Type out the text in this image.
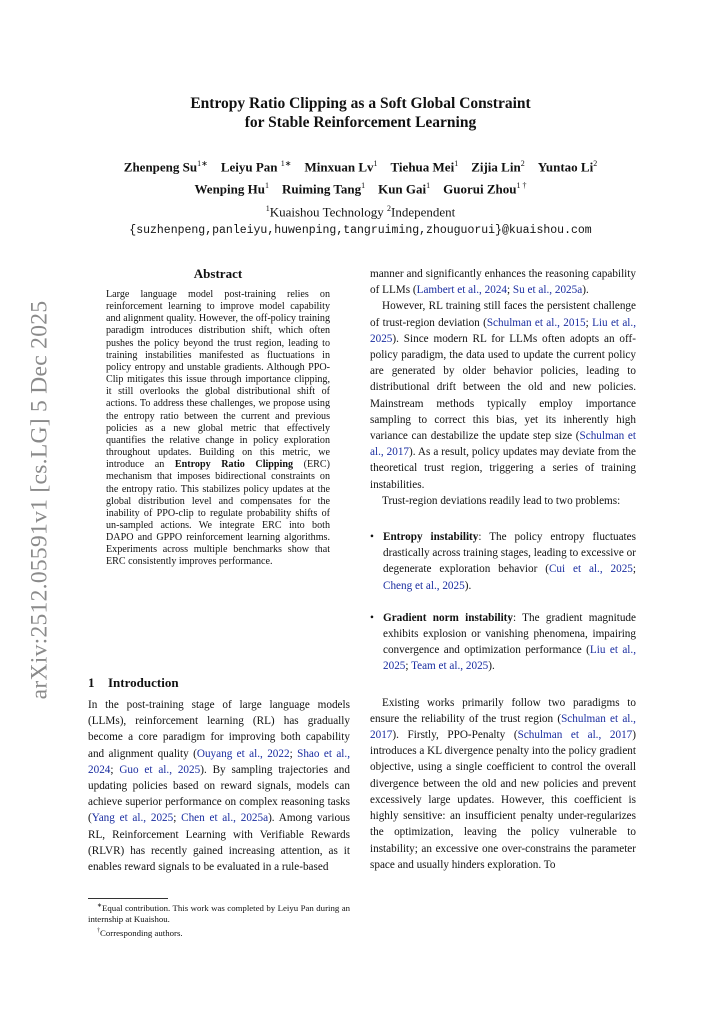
arXiv:2512.05591v1 [cs.LG] 5 Dec 2025
Entropy Ratio Clipping as a Soft Global Constraint
for Stable Reinforcement Learning
Zhenpeng $Su^{1∗}$ Leiyu Pan $^{1∗}$ Minxuan Lv$^1$ Tiehua Mei$^1$ Zijia Lin$^2$ Yuntao Li$^2$
Wenping Hu$^1$ Ruiming Tang$^1$ Kun Gai$^1$ Guorui Zhou$^{1 \dagger}$
$^1$Kuaishou Technology $^2$Independent
{suzhenpeng,panleiyu,huwenping,tangruiming,zhouguorui}@kuaishou.com
Abstract
Large language model post-training relies on reinforcement learning to improve model capability and alignment quality. However, the off-policy training paradigm introduces distribution shift, which often pushes the policy beyond the trust region, leading to training instabilities manifested as fluctuations in policy entropy and unstable gradients. Although PPO-Clip mitigates this issue through importance clipping, it still overlooks the global distributional shift of actions. To address these challenges, we propose using the entropy ratio between the current and previous policies as a new global metric that effectively quantifies the relative change in policy exploration throughout updates. Building on this metric, we introduce an Entropy Ratio Clipping (ERC) mechanism that imposes bidirectional constraints on the entropy ratio. This stabilizes policy updates at the global distribution level and compensates for the inability of PPO-clip to regulate probability shifts of un-sampled actions. We integrate ERC into both DAPO and GPPO reinforcement learning algorithms. Experiments across multiple benchmarks show that ERC consistently improves performance.
1 Introduction

In the post-training stage of large language models (LLMs), reinforcement learning (RL) has gradually become a core paradigm for improving both capability and alignment quality (Ouyang et al., 2022; Shao et al., 2024; Guo et al., 2025). By sampling trajectories and updating policies based on reward signals, models can achieve superior performance on complex reasoning tasks (Yang et al., 2025; Chen et al., 2025a). Among various RL, Reinforcement Learning with Verifiable Rewards (RLVR) has recently gained increasing attention, as it enables reward signals to be evaluated in a rule-based

∗Equal contribution. This work was completed by Leiyu Pan during an internship at Kuaishou.

†Corresponding authors.

manner and significantly enhances the reasoning capability of LLMs (Lambert et al., 2024; Su et al., 2025a).

However, RL training still faces the persistent challenge of trust-region deviation (Schulman et al., 2015; Liu et al., 2025). Since modern RL for LLMs often adopts an off-policy paradigm, the data used to update the current policy are generated by older behavior policies, leading to distributional drift between the old and new policies. Mainstream methods typically employ importance sampling to correct this bias, yet its inherently high variance can destabilize the update step size (Schulman et al., 2017). As a result, policy updates may deviate from the theoretical trust region, triggering a series of training instabilities.

Trust-region deviations readily lead to two problems:

• Entropy instability: The policy entropy fluctuates drastically across training stages, leading to excessive or degenerate exploration behavior (Cui et al., 2025; Cheng et al., 2025).
• Gradient norm instability: The gradient magnitude exhibits explosion or vanishing phenomena, impairing convergence and optimization performance (Liu et al., 2025; Team et al., 2025).

Existing works primarily follow two paradigms to ensure the reliability of the trust region (Schulman et al., 2017). Firstly, PPO-Penalty (Schulman et al., 2017) introduces a KL divergence penalty into the policy gradient objective, using a single coefficient to control the overall divergence between the old and new policies and prevent excessively large updates. However, this coefficient is highly sensitive: an insufficient penalty under-regularizes the optimization, leaving the policy vulnerable to instability; an excessive one over-constrains the parameter space and usually hinders exploration. To
